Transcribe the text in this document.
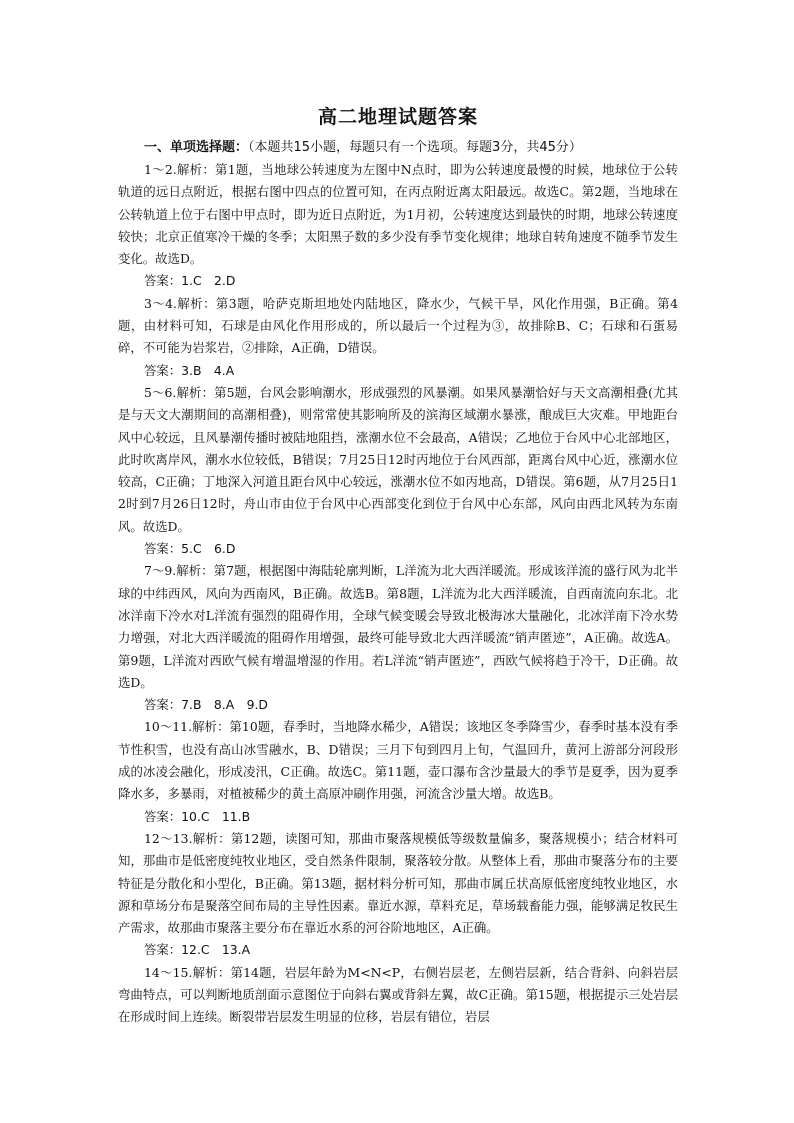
高二地理试题答案

一、单项选择题：（本题共15小题，每题只有一个选项。每题3分，共45分）

1～2.解析：第1题，当地球公转速度为左图中N点时，即为公转速度最慢的时候，地球位于公转轨道的远日点附近，根据右图中四点的位置可知，在丙点附近离太阳最远。故选C。第2题，当地球在公转轨道上位于右图中甲点时，即为近日点附近，为1月初，公转速度达到最快的时期，地球公转速度较快；北京正值寒冷干燥的冬季；太阳黑子数的多少没有季节变化规律；地球自转角速度不随季节发生变化。故选D。

答案：1.C　2.D

3～4.解析：第3题，哈萨克斯坦地处内陆地区，降水少，气候干旱，风化作用强，B正确。第4题，由材料可知，石球是由风化作用形成的，所以最后一个过程为③，故排除B、C；石球和石蛋易碎，不可能为岩浆岩，②排除，A正确，D错误。

答案：3.B　4.A

5～6.解析：第5题，台风会影响潮水，形成强烈的风暴潮。如果风暴潮恰好与天文高潮相叠(尤其是与天文大潮期间的高潮相叠)，则常常使其影响所及的滨海区域潮水暴涨，酿成巨大灾难。甲地距台风中心较远，且风暴潮传播时被陆地阻挡，涨潮水位不会最高，A错误；乙地位于台风中心北部地区，此时吹离岸风，潮水水位较低，B错误；7月25日12时丙地位于台风西部，距离台风中心近，涨潮水位较高，C正确；丁地深入河道且距台风中心较远，涨潮水位不如丙地高，D错误。第6题，从7月25日12时到7月26日12时，舟山市由位于台风中心西部变化到位于台风中心东部，风向由西北风转为东南风。故选D。

答案：5.C　6.D

7～9.解析：第7题，根据图中海陆轮廓判断，L洋流为北大西洋暖流。形成该洋流的盛行风为北半球的中纬西风，风向为西南风，B正确。故选B。第8题，L洋流为北大西洋暖流，自西南流向东北。北冰洋南下冷水对L洋流有强烈的阻碍作用，全球气候变暖会导致北极海冰大量融化，北冰洋南下冷水势力增强，对北大西洋暖流的阻碍作用增强，最终可能导致北大西洋暖流“销声匿迹”，A正确。故选A。第9题，L洋流对西欧气候有增温增湿的作用。若L洋流“销声匿迹”，西欧气候将趋于冷干，D正确。故选D。

答案：7.B　8.A　9.D

10～11.解析：第10题，春季时，当地降水稀少，A错误；该地区冬季降雪少，春季时基本没有季节性积雪，也没有高山冰雪融水，B、D错误；三月下旬到四月上旬，气温回升，黄河上游部分河段形成的冰凌会融化，形成凌汛，C正确。故选C。第11题，壶口瀑布含沙量最大的季节是夏季，因为夏季降水多，多暴雨，对植被稀少的黄土高原冲刷作用强，河流含沙量大增。故选B。

答案：10.C　11.B

12～13.解析：第12题，读图可知，那曲市聚落规模低等级数量偏多，聚落规模小；结合材料可知，那曲市是低密度纯牧业地区，受自然条件限制，聚落较分散。从整体上看，那曲市聚落分布的主要特征是分散化和小型化，B正确。第13题，据材料分析可知，那曲市属丘状高原低密度纯牧业地区，水源和草场分布是聚落空间布局的主导性因素。靠近水源，草料充足，草场载畜能力强，能够满足牧民生产需求，故那曲市聚落主要分布在靠近水系的河谷阶地地区，A正确。

答案：12.C　13.A

14～15.解析：第14题，岩层年龄为M<N<P，右侧岩层老，左侧岩层新，结合背斜、向斜岩层弯曲特点，可以判断地质剖面示意图位于向斜右翼或背斜左翼，故C正确。第15题，根据提示三处岩层在形成时间上连续。断裂带岩层发生明显的位移，岩层有错位，岩层
